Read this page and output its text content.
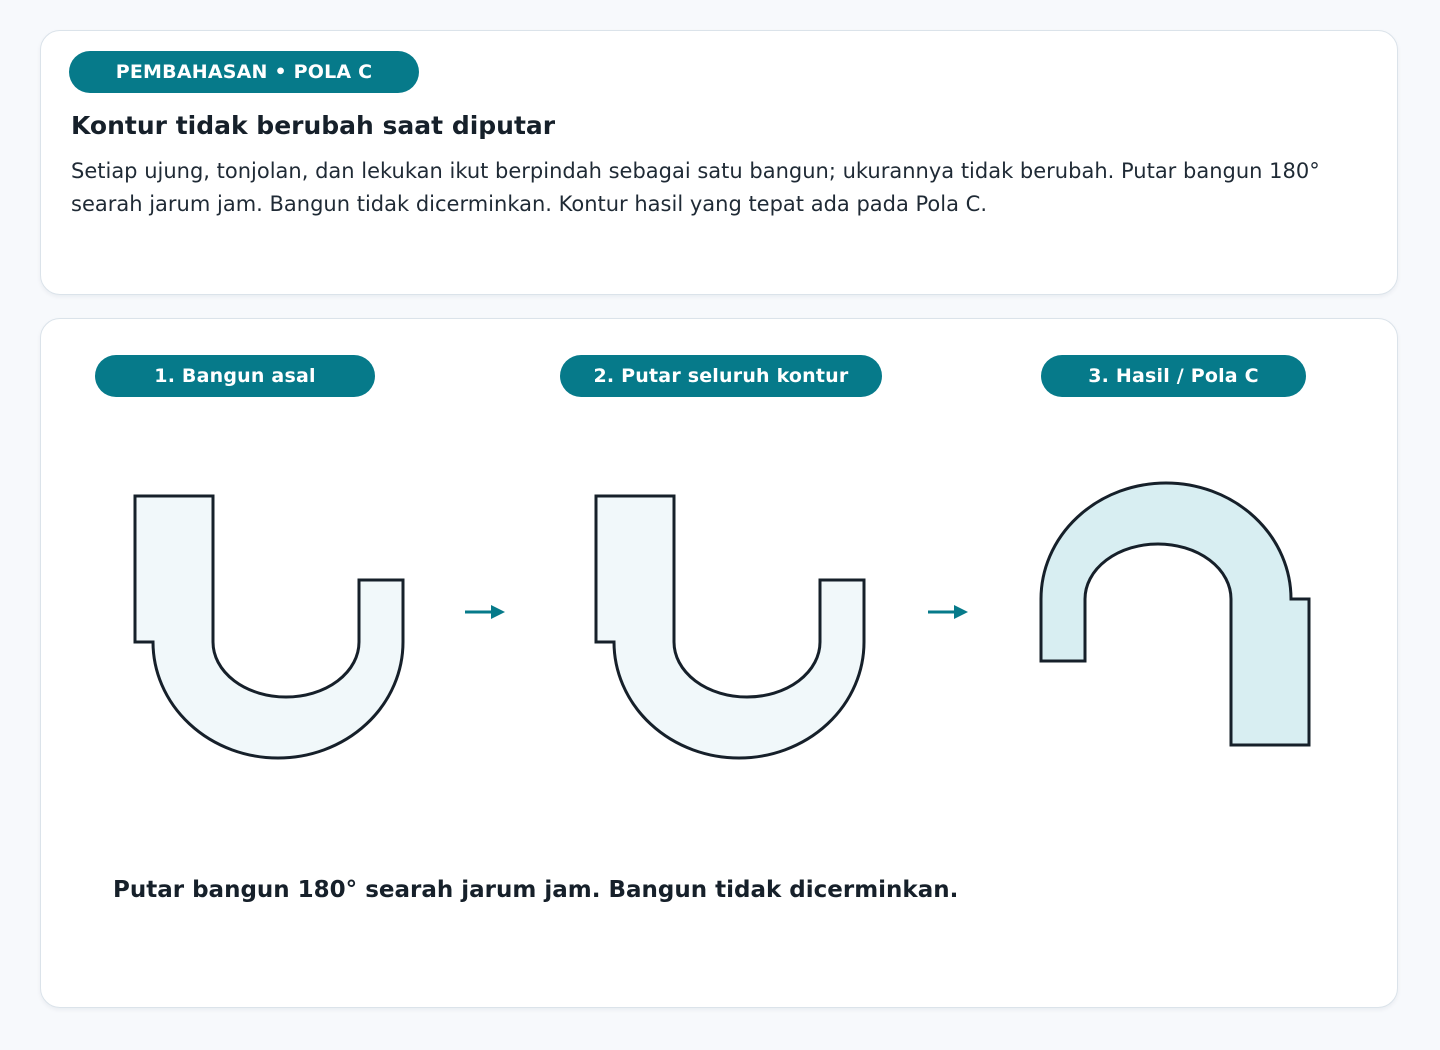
PEMBAHASAN • POLA C
Kontur tidak berubah saat diputar

Setiap ujung, tonjolan, dan lekukan ikut berpindah sebagai satu bangun; ukurannya tidak berubah. Putar bangun 180° searah jarum jam. Bangun tidak dicerminkan. Kontur hasil yang tepat ada pada Pola C.

1. Bangun asal	2. Putar seluruh kontur	3. Hasil / Pola C

Putar bangun 180° searah jarum jam. Bangun tidak dicerminkan.
